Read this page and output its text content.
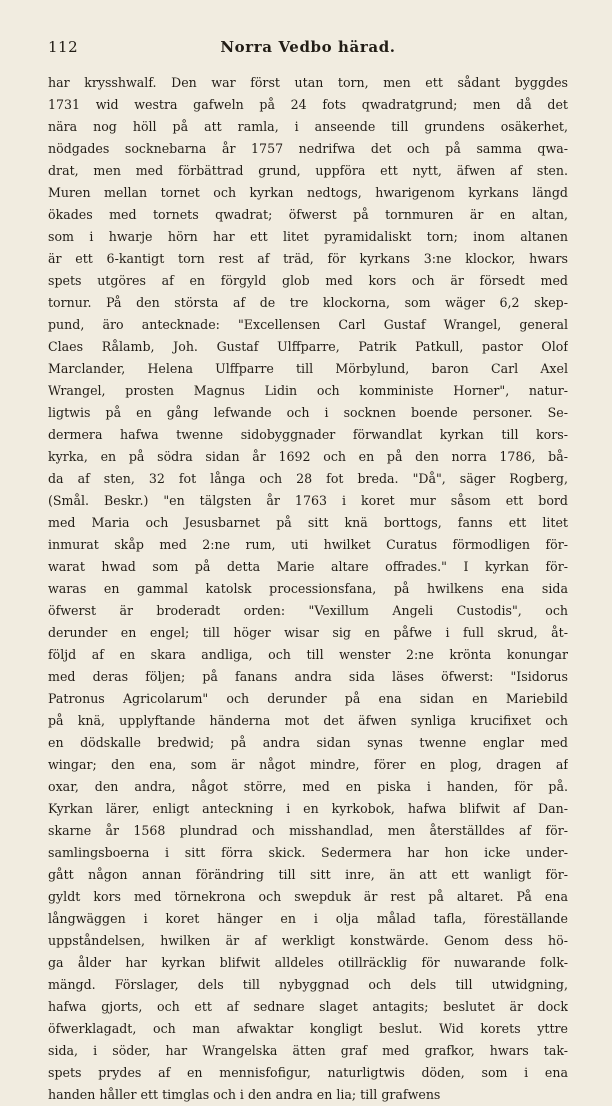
112	Norra Vedbo härad.
har krysshwalf. Den war först utan torn, men ett sådant byggdes
1731 wid westra gafweln på 24 fots qwadratgrund; men då det
nära nog höll på att ramla, i anseende till grundens osäkerhet,
nödgades socknebarna år 1757 nedrifwa det och på samma qwa-
drat, men med förbättrad grund, uppföra ett nytt, äfwen af sten.
Muren mellan tornet och kyrkan nedtogs, hwarigenom kyrkans längd
ökades med tornets qwadrat; öfwerst på tornmuren är en altan,
som i hwarje hörn har ett litet pyramidaliskt torn; inom altanen
är ett 6-kantigt torn rest af träd, för kyrkans 3:ne klockor, hwars
spets utgöres af en förgyld glob med kors och är försedt med
tornur. På den största af de tre klockorna, som wäger 6,2 skep-
pund, äro antecknade: "Excellensen Carl Gustaf Wrangel, general
Claes Rålamb, Joh. Gustaf Ulffparre, Patrik Patkull, pastor Olof
Marclander, Helena Ulffparre till Mörbylund, baron Carl Axel
Wrangel, prosten Magnus Lidin och komministe Horner", natur-
ligtwis på en gång lefwande och i socknen boende personer. Se-
dermera hafwa twenne sidobyggnader förwandlat kyrkan till kors-
kyrka, en på södra sidan år 1692 och en på den norra 1786, bå-
da af sten, 32 fot långa och 28 fot breda. "Då", säger Rogberg,
(Smål. Beskr.) "en tälgsten år 1763 i koret mur såsom ett bord
med Maria och Jesusbarnet på sitt knä borttogs, fanns ett litet
inmurat skåp med 2:ne rum, uti hwilket Curatus förmodligen för-
warat hwad som på detta Marie altare offrades." I kyrkan för-
waras en gammal katolsk processionsfana, på hwilkens ena sida
öfwerst är broderadt orden: "Vexillum Angeli Custodis", och
derunder en engel; till höger wisar sig en påfwe i full skrud, åt-
följd af en skara andliga, och till wenster 2:ne krönta konungar
med deras följen; på fanans andra sida läses öfwerst: "Isidorus
Patronus Agricolarum" och derunder på ena sidan en Mariebild
på knä, upplyftande händerna mot det äfwen synliga krucifixet och
en dödskalle bredwid; på andra sidan synas twenne englar med
wingar; den ena, som är något mindre, förer en plog, dragen af
oxar, den andra, något större, med en piska i handen, för på.
Kyrkan lärer, enligt anteckning i en kyrkobok, hafwa blifwit af Dan-
skarne år 1568 plundrad och misshandlad, men återställdes af för-
samlingsboerna i sitt förra skick. Sedermera har hon icke under-
gått någon annan förändring till sitt inre, än att ett wanligt för-
gyldt kors med törnekrona och swepduk är rest på altaret. På ena
långwäggen i koret hänger en i olja målad tafla, föreställande
uppståndelsen, hwilken är af werkligt konstwärde. Genom dess hö-
ga ålder har kyrkan blifwit alldeles otillräcklig för nuwarande folk-
mängd. Förslager, dels till nybyggnad och dels till utwidgning,
hafwa gjorts, och ett af sednare slaget antagits; beslutet är dock
öfwerklagadt, och man afwaktar kongligt beslut. Wid korets yttre
sida, i söder, har Wrangelska ätten graf med grafkor, hwars tak-
spets prydes af en mennisfofigur, naturligtwis döden, som i ena
handen håller ett timglas och i den andra en lia; till grafwens
